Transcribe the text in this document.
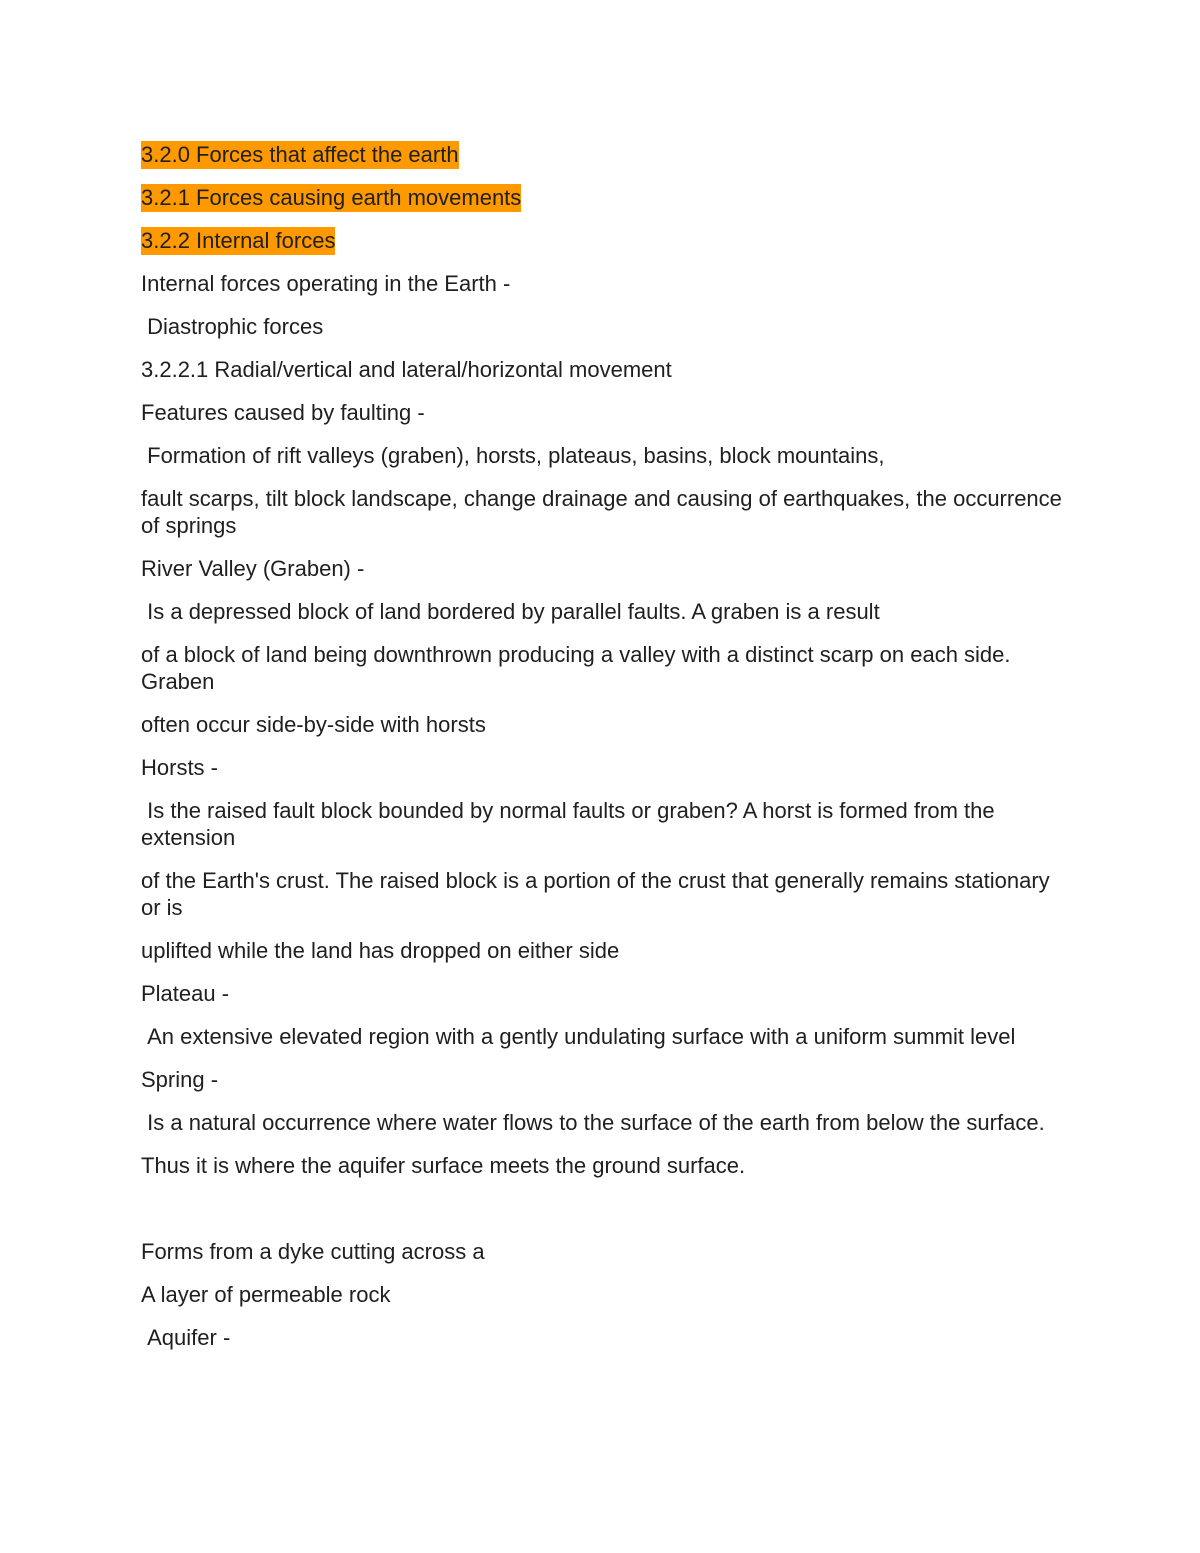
3.2.0 Forces that affect the earth
3.2.1 Forces causing earth movements
3.2.2 Internal forces
Internal forces operating in the Earth -
Diastrophic forces
3.2.2.1 Radial/vertical and lateral/horizontal movement
Features caused by faulting -
Formation of rift valleys (graben), horsts, plateaus, basins, block mountains,
fault scarps, tilt block landscape, change drainage and causing of earthquakes, the occurrence of springs
River Valley (Graben) -
Is a depressed block of land bordered by parallel faults. A graben is a result
of a block of land being downthrown producing a valley with a distinct scarp on each side. Graben
often occur side-by-side with horsts
Horsts -
Is the raised fault block bounded by normal faults or graben? A horst is formed from the extension
of the Earth's crust. The raised block is a portion of the crust that generally remains stationary or is
uplifted while the land has dropped on either side
Plateau -
An extensive elevated region with a gently undulating surface with a uniform summit level
Spring -
Is a natural occurrence where water flows to the surface of the earth from below the surface.
Thus it is where the aquifer surface meets the ground surface.
Forms from a dyke cutting across a
A layer of permeable rock
Aquifer -
